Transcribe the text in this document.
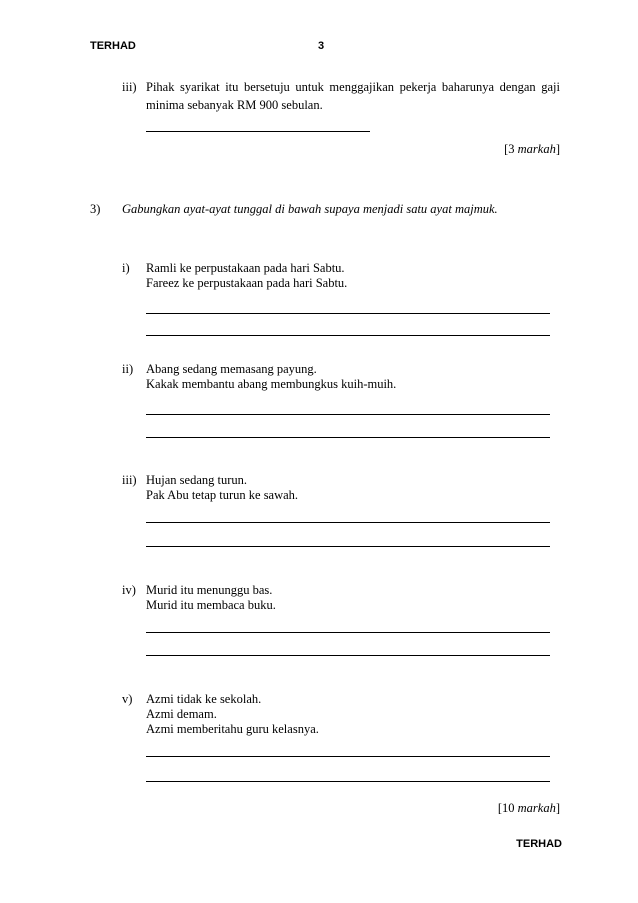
TERHAD	3
iii) Pihak syarikat itu bersetuju untuk menggajikan pekerja baharunya dengan gaji
minima sebanyak RM 900 sebulan.
[3 markah]
3) Gabungkan ayat-ayat tunggal di bawah supaya menjadi satu ayat majmuk.
i) Ramli ke perpustakaan pada hari Sabtu.
Fareez ke perpustakaan pada hari Sabtu.
ii) Abang sedang memasang payung.
Kakak membantu abang membungkus kuih-muih.
iii) Hujan sedang turun.
Pak Abu tetap turun ke sawah.
iv) Murid itu menunggu bas.
Murid itu membaca buku.
v) Azmi tidak ke sekolah.
Azmi demam.
Azmi memberitahu guru kelasnya.
[10 markah]
TERHAD
